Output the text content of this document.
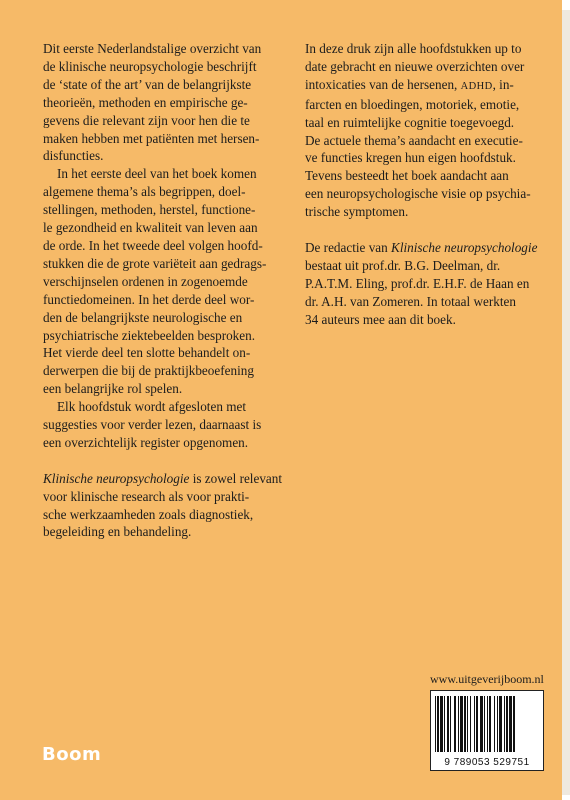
Dit eerste Nederlandstalige overzicht van
de klinische neuropsychologie beschrijft
de ‘state of the art’ van de belangrijkste
theorieën, methoden en empirische ge-
gevens die relevant zijn voor hen die te
maken hebben met patiënten met hersen-
disfuncties.

In het eerste deel van het boek komen
algemene thema’s als begrippen, doel-
stellingen, methoden, herstel, functione-
le gezondheid en kwaliteit van leven aan
de orde. In het tweede deel volgen hoofd-
stukken die de grote variëteit aan gedrags-
verschijnselen ordenen in zogenoemde
functiedomeinen. In het derde deel wor-
den de belangrijkste neurologische en
psychiatrische ziektebeelden besproken.
Het vierde deel ten slotte behandelt on-
derwerpen die bij de praktijkbeoefening
een belangrijke rol spelen.

Elk hoofdstuk wordt afgesloten met
suggesties voor verder lezen, daarnaast is
een overzichtelijk register opgenomen.

Klinische neuropsychologie is zowel relevant
voor klinische research als voor prakti-
sche werkzaamheden zoals diagnostiek,
begeleiding en behandeling.

In deze druk zijn alle hoofdstukken up to
date gebracht en nieuwe overzichten over
intoxicaties van de hersenen, ADHD, in-
farcten en bloedingen, motoriek, emotie,
taal en ruimtelijke cognitie toegevoegd.
De actuele thema’s aandacht en executie-
ve functies kregen hun eigen hoofdstuk.
Tevens besteedt het boek aandacht aan
een neuropsychologische visie op psychia-
trische symptomen.

De redactie van Klinische neuropsychologie
bestaat uit prof.dr. B.G. Deelman, dr.
P.A.T.M. Eling, prof.dr. E.H.F. de Haan en
dr. A.H. van Zomeren. In totaal werkten
34 auteurs mee aan dit boek.

www.uitgeverijboom.nl
9 789053 529751
Boom
